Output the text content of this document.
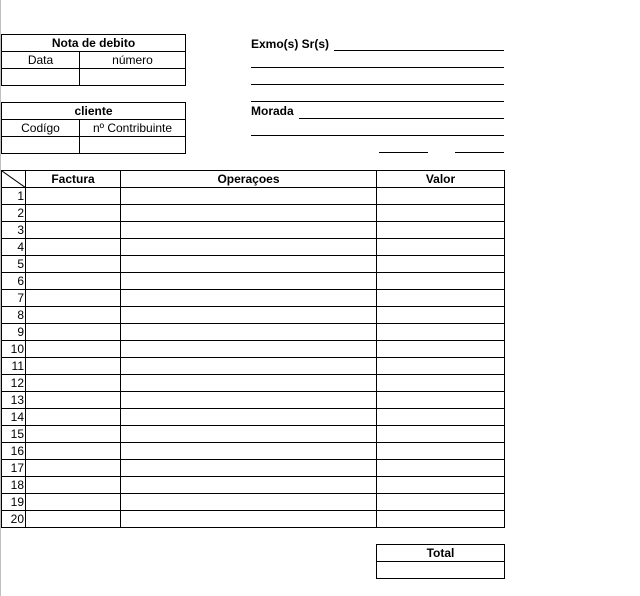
Nota de debito	
Data	número

cliente	
Codígo	nº Contribuinte

Exmo(s) Sr(s)
Morada
	Factura	Operaçoes	Valor
1			
2			
3			
4			
5			
6			
7			
8			
9			
10			
11			
12			
13			
14			
15			
16			
17			
18			
19			
20			
Total
